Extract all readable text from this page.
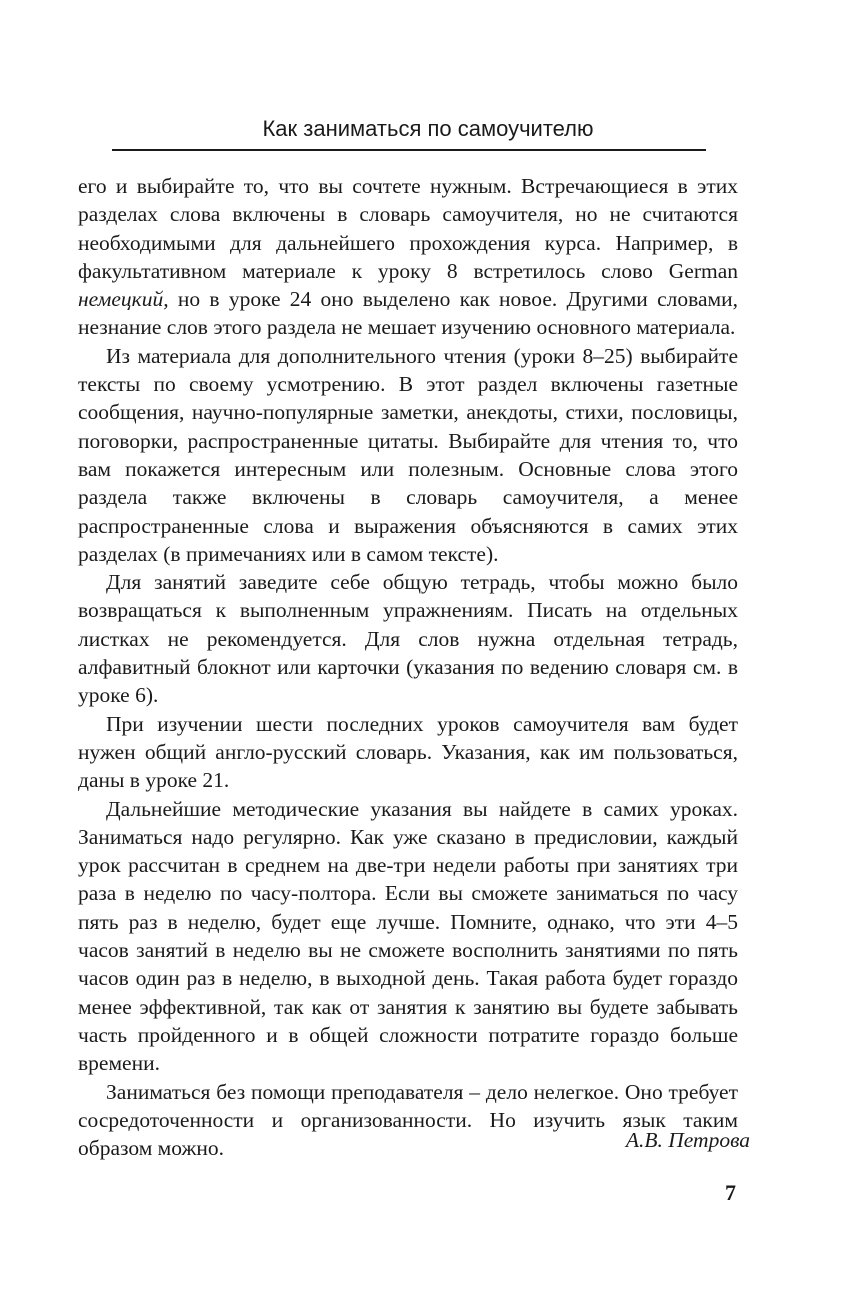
Как заниматься по самоучителю

его и выбирайте то, что вы сочтете нужным. Встречающиеся в этих разделах слова включены в словарь самоучителя, но не считаются необходимыми для дальнейшего прохождения курса. Например, в факультативном материале к уроку 8 встретилось слово German немецкий, но в уроке 24 оно выделено как новое. Другими словами, незнание слов этого раздела не мешает изучению основного материала.

Из материала для дополнительного чтения (уроки 8–25) выбирайте тексты по своему усмотрению. В этот раздел включены газетные сообщения, научно-популярные заметки, анекдоты, стихи, пословицы, поговорки, распространенные цитаты. Выбирайте для чтения то, что вам покажется интересным или полезным. Основные слова этого раздела также включены в словарь самоучителя, а менее распространенные слова и выражения объясняются в самих этих разделах (в примечаниях или в самом тексте).

Для занятий заведите себе общую тетрадь, чтобы можно было возвращаться к выполненным упражнениям. Писать на отдельных листках не рекомендуется. Для слов нужна отдельная тетрадь, алфавитный блокнот или карточки (указания по ведению словаря см. в уроке 6).

При изучении шести последних уроков самоучителя вам будет нужен общий англо-русский словарь. Указания, как им пользоваться, даны в уроке 21.

Дальнейшие методические указания вы найдете в самих уроках. Заниматься надо регулярно. Как уже сказано в предисловии, каждый урок рассчитан в среднем на две-три недели работы при занятиях три раза в неделю по часу-полтора. Если вы сможете заниматься по часу пять раз в неделю, будет еще лучше. Помните, однако, что эти 4–5 часов занятий в неделю вы не сможете восполнить занятиями по пять часов один раз в неделю, в выходной день. Такая работа будет гораздо менее эффективной, так как от занятия к занятию вы будете забывать часть пройденного и в общей сложности потратите гораздо больше времени.

Заниматься без помощи преподавателя – дело нелегкое. Оно требует сосредоточенности и организованности. Но изучить язык таким образом можно.	А.В. Петрова
7
